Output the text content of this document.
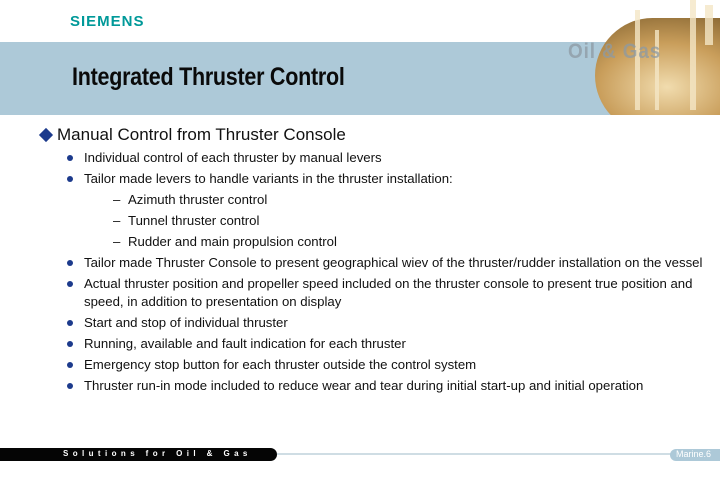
SIEMENS
Oil & Gas
Integrated Thruster Control
Manual Control from Thruster Console
Individual control of each thruster by manual levers
Tailor made levers to handle variants in the thruster installation:
– Azimuth thruster control
– Tunnel thruster control
– Rudder and main propulsion control
Tailor made Thruster Console to present geographical wiev of the thruster/rudder installation on the vessel
Actual thruster position and propeller speed included on the thruster console to present true position and speed, in addition to presentation on display
Start and stop of individual thruster
Running, available and fault indication for each thruster
Emergency stop button for each thruster outside the control system
Thruster run-in mode included to reduce wear and tear during initial start-up and initial operation
Solutions for Oil & Gas	Marine.6
